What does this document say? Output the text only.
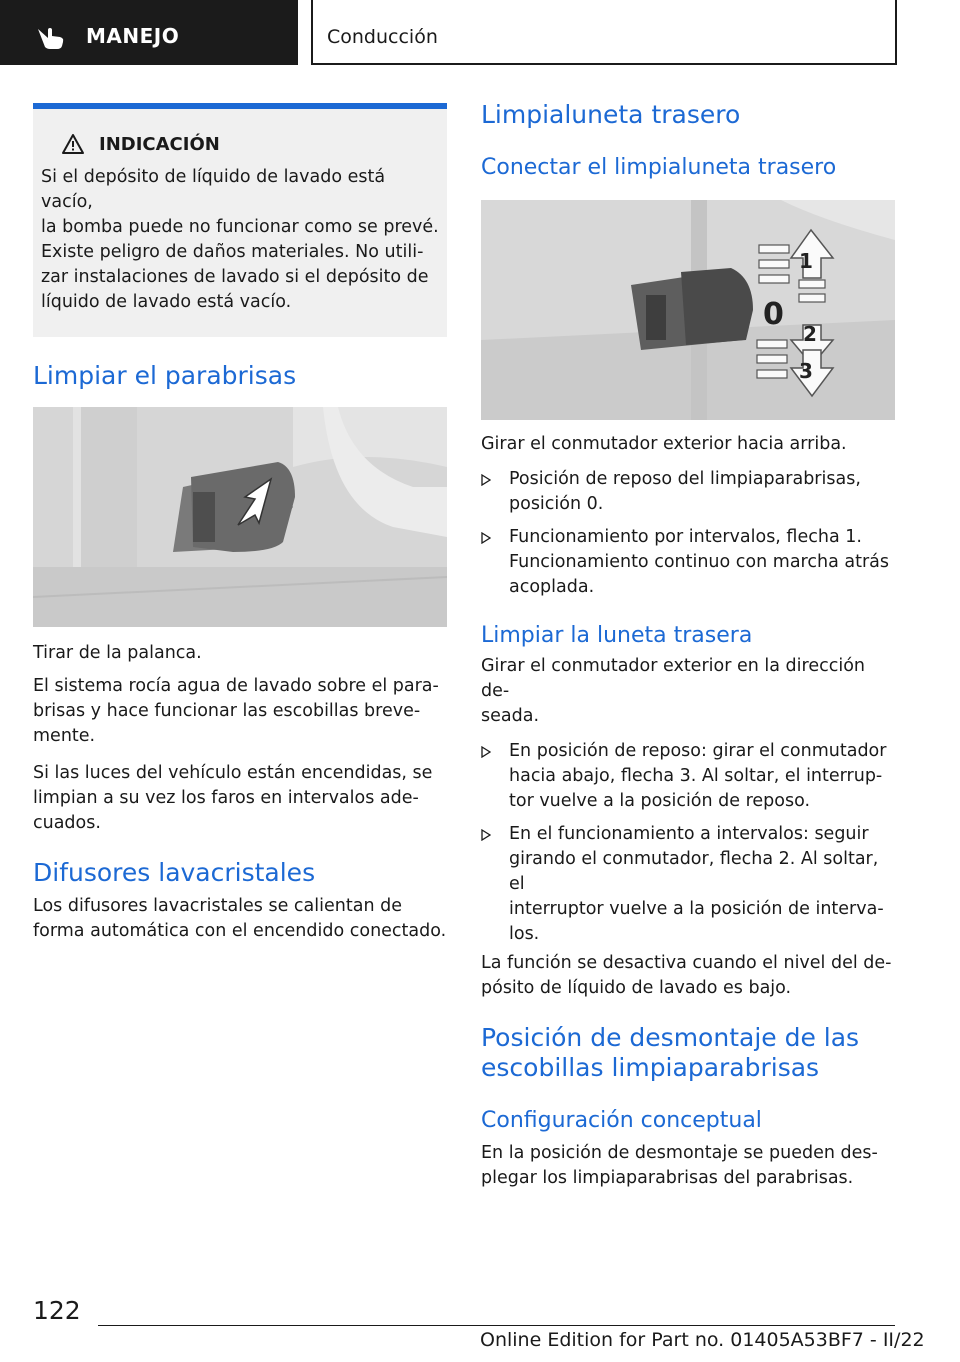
MANEJO	Conducción
INDICACIÓN
Si el depósito de líquido de lavado está vacío,
la bomba puede no funcionar como se prevé.
Existe peligro de daños materiales. No utili‐
zar instalaciones de lavado si el depósito de
líquido de lavado está vacío.
Limpiar el parabrisas

Tirar de la palanca.

El sistema rocía agua de lavado sobre el para‐
brisas y hace funcionar las escobillas breve‐
mente.

Si las luces del vehículo están encendidas, se
limpian a su vez los faros en intervalos ade‐
cuados.

Difusores lavacristales

Los difusores lavacristales se calientan de
forma automática con el encendido conectado.

Limpialuneta trasero
Conectar el limpialuneta trasero
1
0
2
3

Girar el conmutador exterior hacia arriba.

Posición de reposo del limpiaparabrisas,
posición 0.
Funcionamiento por intervalos, flecha 1.
Funcionamiento continuo con marcha atrás
acoplada.
Limpiar la luneta trasera

Girar el conmutador exterior en la dirección de‐
seada.

En posición de reposo: girar el conmutador
hacia abajo, flecha 3. Al soltar, el interrup‐
tor vuelve a la posición de reposo.
En el funcionamiento a intervalos: seguir
girando el conmutador, flecha 2. Al soltar, el
interruptor vuelve a la posición de interva‐
los.

La función se desactiva cuando el nivel del de‐
pósito de líquido de lavado es bajo.

Posición de desmontaje de las
escobillas limpiaparabrisas
Configuración conceptual

En la posición de desmontaje se pueden des‐
plegar los limpiaparabrisas del parabrisas.

122
Online Edition for Part no. 01405A53BF7 - II/22
